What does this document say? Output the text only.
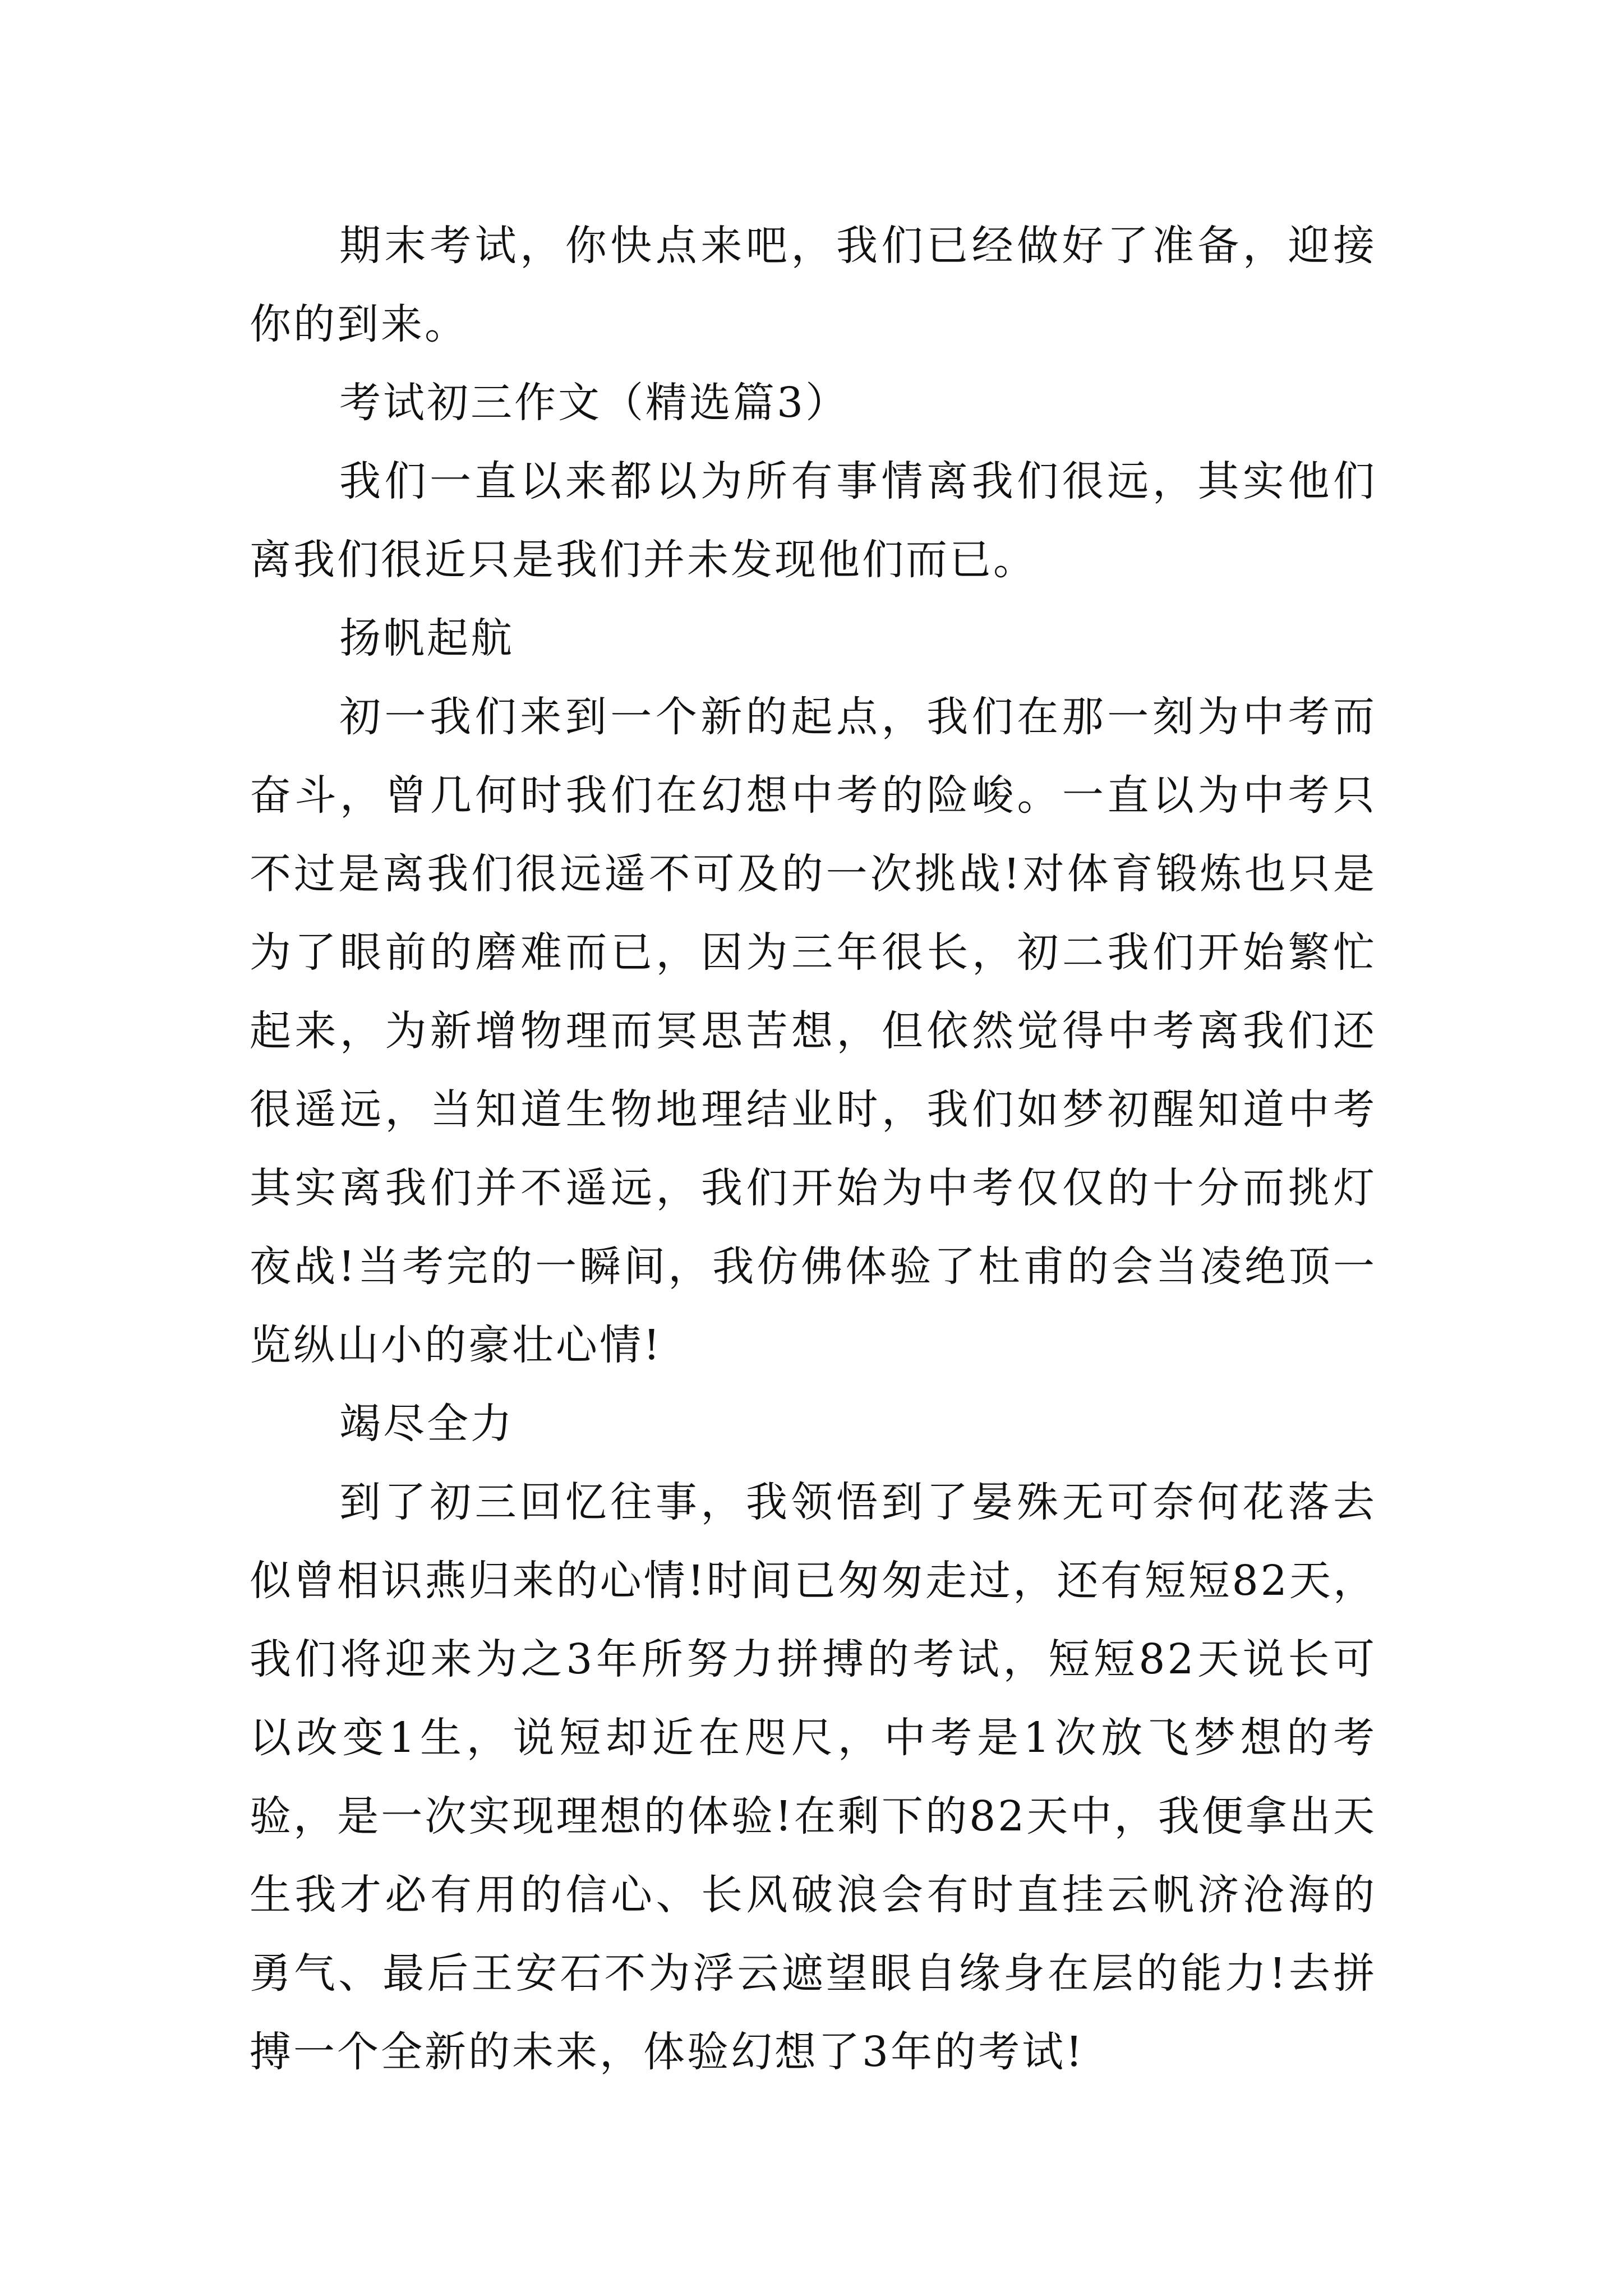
期末考试，你快点来吧，我们已经做好了准备，迎接你的到来。

考试初三作文（精选篇3）

我们一直以来都以为所有事情离我们很远，其实他们离我们很近只是我们并未发现他们而已。

扬帆起航

初一我们来到一个新的起点，我们在那一刻为中考而奋斗，曾几何时我们在幻想中考的险峻。一直以为中考只不过是离我们很远遥不可及的一次挑战!对体育锻炼也只是为了眼前的磨难而已，因为三年很长，初二我们开始繁忙起来，为新增物理而冥思苦想，但依然觉得中考离我们还很遥远，当知道生物地理结业时，我们如梦初醒知道中考其实离我们并不遥远，我们开始为中考仅仅的十分而挑灯夜战!当考完的一瞬间，我仿佛体验了杜甫的会当凌绝顶一览纵山小的豪壮心情!

竭尽全力

到了初三回忆往事，我领悟到了晏殊无可奈何花落去似曾相识燕归来的心情!时间已匆匆走过，还有短短82天，我们将迎来为之3年所努力拼搏的考试，短短82天说长可以改变1生，说短却近在咫尺，中考是1次放飞梦想的考验，是一次实现理想的体验!在剩下的82天中，我便拿出天生我才必有用的信心、长风破浪会有时直挂云帆济沧海的勇气、最后王安石不为浮云遮望眼自缘身在层的能力!去拼搏一个全新的未来，体验幻想了3年的考试!
